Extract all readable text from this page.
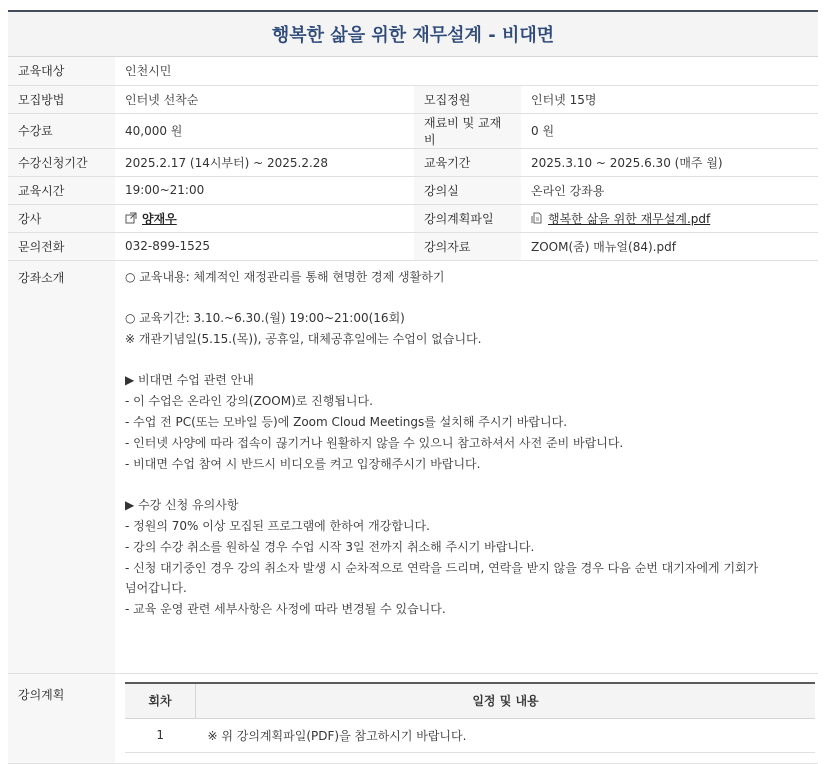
행복한 삶을 위한 재무설계 - 비대면
교육대상	인천시민
모집방법	인터넷 선착순	모집정원	인터넷 15명
수강료	40,000 원	재료비 및 교재비	0 원
수강신청기간	2025.2.17 (14시부터) ~ 2025.2.28	교육기간	2025.3.10 ~ 2025.6.30 (매주 월)
교육시간	19:00~21:00	강의실	온라인 강좌용
강사	양재우	강의계획파일	행복한 삶을 위한 재무설계.pdf
문의전화	032-899-1525	강의자료	ZOOM(줌) 매뉴얼(84).pdf
강좌소개	○ 교육내용: 체계적인 재정관리를 통해 현명한 경제 생활하기
○ 교육기간: 3.10.~6.30.(월) 19:00~21:00(16회)
※ 개관기념일(5.15.(목)), 공휴일, 대체공휴일에는 수업이 없습니다.
▶ 비대면 수업 관련 안내
- 이 수업은 온라인 강의(ZOOM)로 진행됩니다.
- 수업 전 PC(또는 모바일 등)에 Zoom Cloud Meetings를 설치해 주시기 바랍니다.
- 인터넷 사양에 따라 접속이 끊기거나 원활하지 않을 수 있으니 참고하셔서 사전 준비 바랍니다.
- 비대면 수업 참여 시 반드시 비디오를 켜고 입장해주시기 바랍니다.
▶ 수강 신청 유의사항
- 정원의 70% 이상 모집된 프로그램에 한하여 개강합니다.
- 강의 수강 취소를 원하실 경우 수업 시작 3일 전까지 취소해 주시기 바랍니다.
- 신청 대기중인 경우 강의 취소자 발생 시 순차적으로 연락을 드리며, 연락을 받지 않을 경우 다음 순번 대기자에게 기회가
넘어갑니다.
- 교육 운영 관련 세부사항은 사정에 따라 변경될 수 있습니다.

강의계획		회차	일정 및 내용
1	※ 위 강의계획파일(PDF)을 참고하시기 바랍니다.
